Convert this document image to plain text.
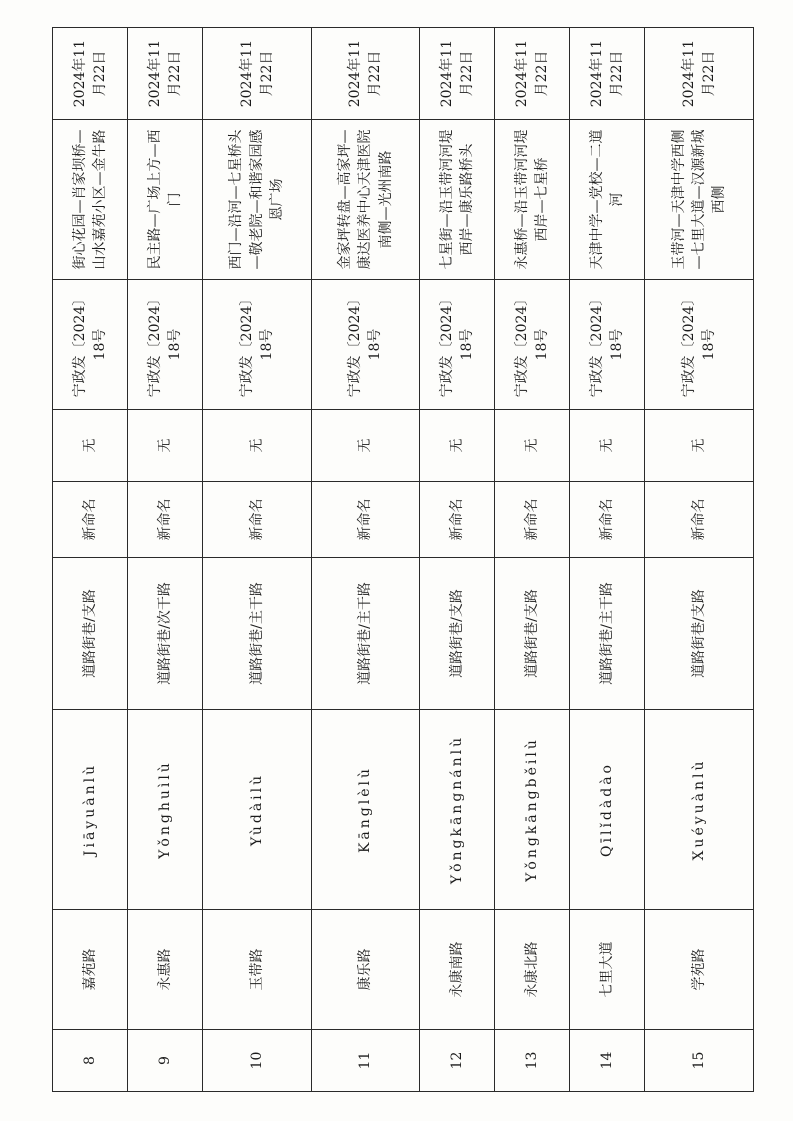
8	嘉苑路	Jiāyuànlù	道路街巷/支路	新命名	无	宁政发〔2024〕18号	街心花园—肖家坝桥—山水嘉苑小区—金牛路	2024年11月22日
9	永惠路	Yǒnghuìlù	道路街巷/次干路	新命名	无	宁政发〔2024〕18号	民主路—广场上方—西门	2024年11月22日
10	玉带路	Yùdàilù	道路街巷/主干路	新命名	无	宁政发〔2024〕18号	西门—沿河—七星桥头—敬老院—和谐家园感恩广场	2024年11月22日
11	康乐路	Kānglèlù	道路街巷/主干路	新命名	无	宁政发〔2024〕18号	金家坪转盘—高家坪—康达医养中心天津医院南侧—光州南路	2024年11月22日
12	永康南路	Yǒngkāngnánlù	道路街巷/支路	新命名	无	宁政发〔2024〕18号	七星街—沿玉带河河堤西岸—康乐路桥头	2024年11月22日
13	永康北路	Yǒngkāngběilù	道路街巷/支路	新命名	无	宁政发〔2024〕18号	永惠桥—沿玉带河河堤西岸—七星桥	2024年11月22日
14	七里大道	Qīlǐdàdào	道路街巷/主干路	新命名	无	宁政发〔2024〕18号	天津中学—党校—二道河	2024年11月22日
15	学苑路	Xuéyuànlù	道路街巷/支路	新命名	无	宁政发〔2024〕18号	玉带河—天津中学西侧—七里大道—汉源新城西侧	2024年11月22日
